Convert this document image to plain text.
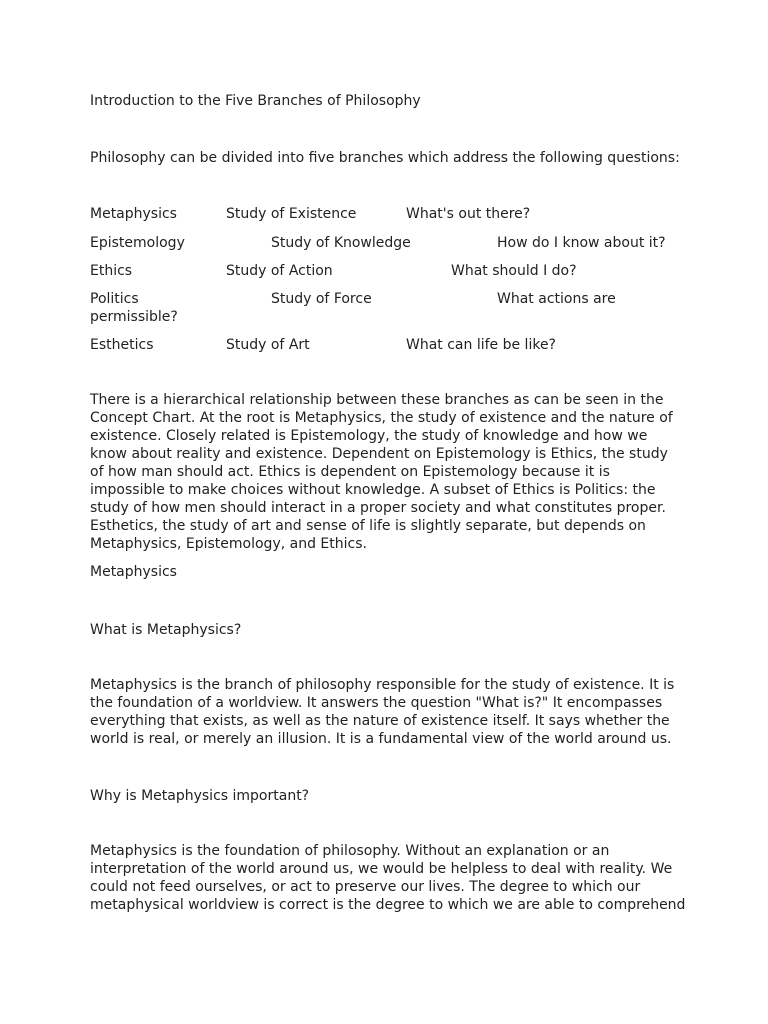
Introduction to the Five Branches of Philosophy
Philosophy can be divided into five branches which address the following questions:
Metaphysics	Study of Existence	What's out there?
Epistemology	Study of Knowledge	How do I know about it?
Ethics	Study of Action	What should I do?
Politics	Study of Force	What actions are
permissible?
Esthetics	Study of Art	What can life be like?
There is a hierarchical relationship between these branches as can be seen in the
Concept Chart. At the root is Metaphysics, the study of existence and the nature of
existence. Closely related is Epistemology, the study of knowledge and how we
know about reality and existence. Dependent on Epistemology is Ethics, the study
of how man should act. Ethics is dependent on Epistemology because it is
impossible to make choices without knowledge. A subset of Ethics is Politics: the
study of how men should interact in a proper society and what constitutes proper.
Esthetics, the study of art and sense of life is slightly separate, but depends on
Metaphysics, Epistemology, and Ethics.
Metaphysics
What is Metaphysics?
Metaphysics is the branch of philosophy responsible for the study of existence. It is
the foundation of a worldview. It answers the question "What is?" It encompasses
everything that exists, as well as the nature of existence itself. It says whether the
world is real, or merely an illusion. It is a fundamental view of the world around us.
Why is Metaphysics important?
Metaphysics is the foundation of philosophy. Without an explanation or an
interpretation of the world around us, we would be helpless to deal with reality. We
could not feed ourselves, or act to preserve our lives. The degree to which our
metaphysical worldview is correct is the degree to which we are able to comprehend
